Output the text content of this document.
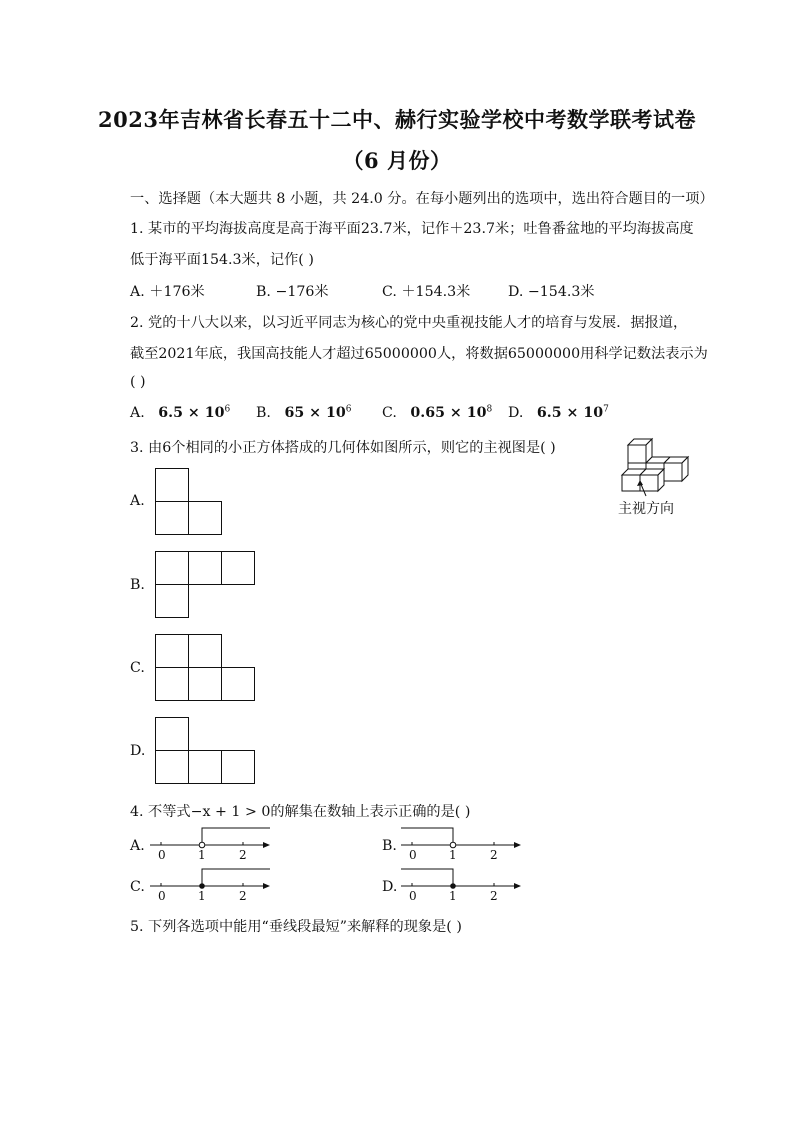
2023年吉林省长春五十二中、赫行实验学校中考数学联考试卷
（6 月份）
一、选择题（本大题共 8 小题，共 24.0 分。在每小题列出的选项中，选出符合题目的一项）
1. 某市的平均海拔高度是高于海平面23.7米，记作＋23.7米；吐鲁番盆地的平均海拔高度
低于海平面154.3米，记作( )
A. ＋176米	B. −176米	C. ＋154.3米	D. −154.3米
2. 党的十八大以来，以习近平同志为核心的党中央重视技能人才的培育与发展．据报道，
截至2021年底，我国高技能人才超过65000000人，将数据65000000用科学记数法表示为
( )
A. $6.5 \times 10^6$ B. $65 \times 10^6$ C. $0.65 \times 10^8$ D. $6.5 \times 10^7$
3. 由6个相同的小正方体搭成的几何体如图所示，则它的主视图是( )
主视方向
A.
B.
C.
D.
4. 不等式−x + 1 > 0的解集在数轴上表示正确的是( )
A.
0	1	2
B.
0	1	2
C.
0	1	2
D.
0	1	2
5. 下列各选项中能用“垂线段最短”来解释的现象是( )
